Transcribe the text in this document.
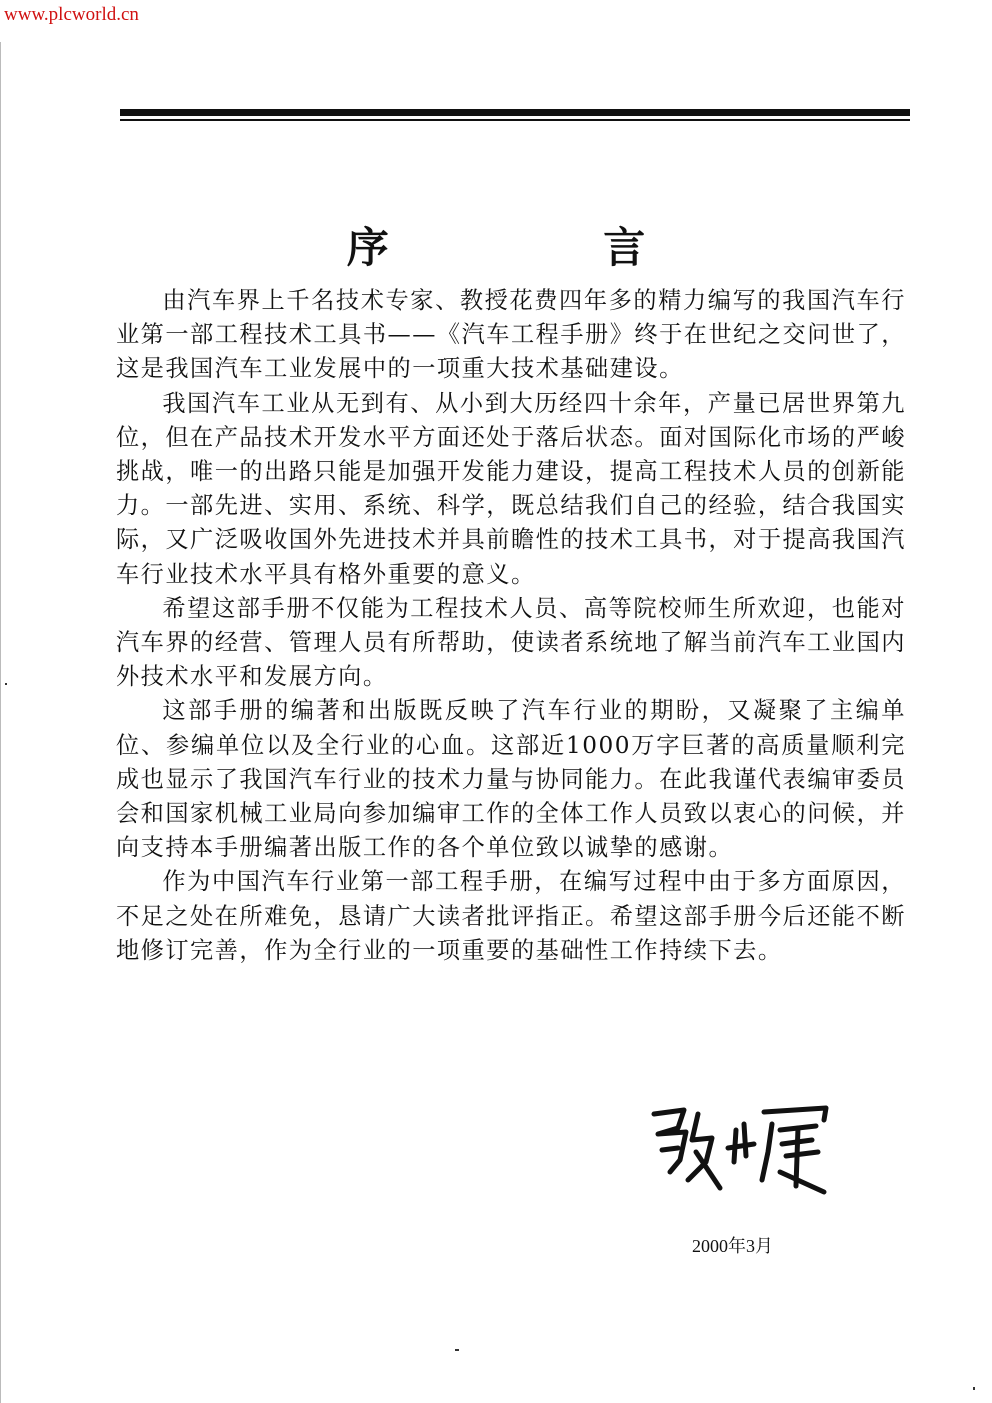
www.plcworld.cn
序 言

由汽车界上千名技术专家、教授花费四年多的精力编写的我国汽车行业第一部工程技术工具书——《汽车工程手册》终于在世纪之交问世了，这是我国汽车工业发展中的一项重大技术基础建设。

我国汽车工业从无到有、从小到大历经四十余年，产量已居世界第九位，但在产品技术开发水平方面还处于落后状态。面对国际化市场的严峻挑战，唯一的出路只能是加强开发能力建设，提高工程技术人员的创新能力。一部先进、实用、系统、科学，既总结我们自己的经验，结合我国实际，又广泛吸收国外先进技术并具前瞻性的技术工具书，对于提高我国汽车行业技术水平具有格外重要的意义。

希望这部手册不仅能为工程技术人员、高等院校师生所欢迎，也能对汽车界的经营、管理人员有所帮助，使读者系统地了解当前汽车工业国内外技术水平和发展方向。

这部手册的编著和出版既反映了汽车行业的期盼，又凝聚了主编单位、参编单位以及全行业的心血。这部近1000万字巨著的高质量顺利完成也显示了我国汽车行业的技术力量与协同能力。在此我谨代表编审委员会和国家机械工业局向参加编审工作的全体工作人员致以衷心的问候，并向支持本手册编著出版工作的各个单位致以诚挚的感谢。

作为中国汽车行业第一部工程手册，在编写过程中由于多方面原因，不足之处在所难免，恳请广大读者批评指正。希望这部手册今后还能不断地修订完善，作为全行业的一项重要的基础性工作持续下去。

2000年3月
